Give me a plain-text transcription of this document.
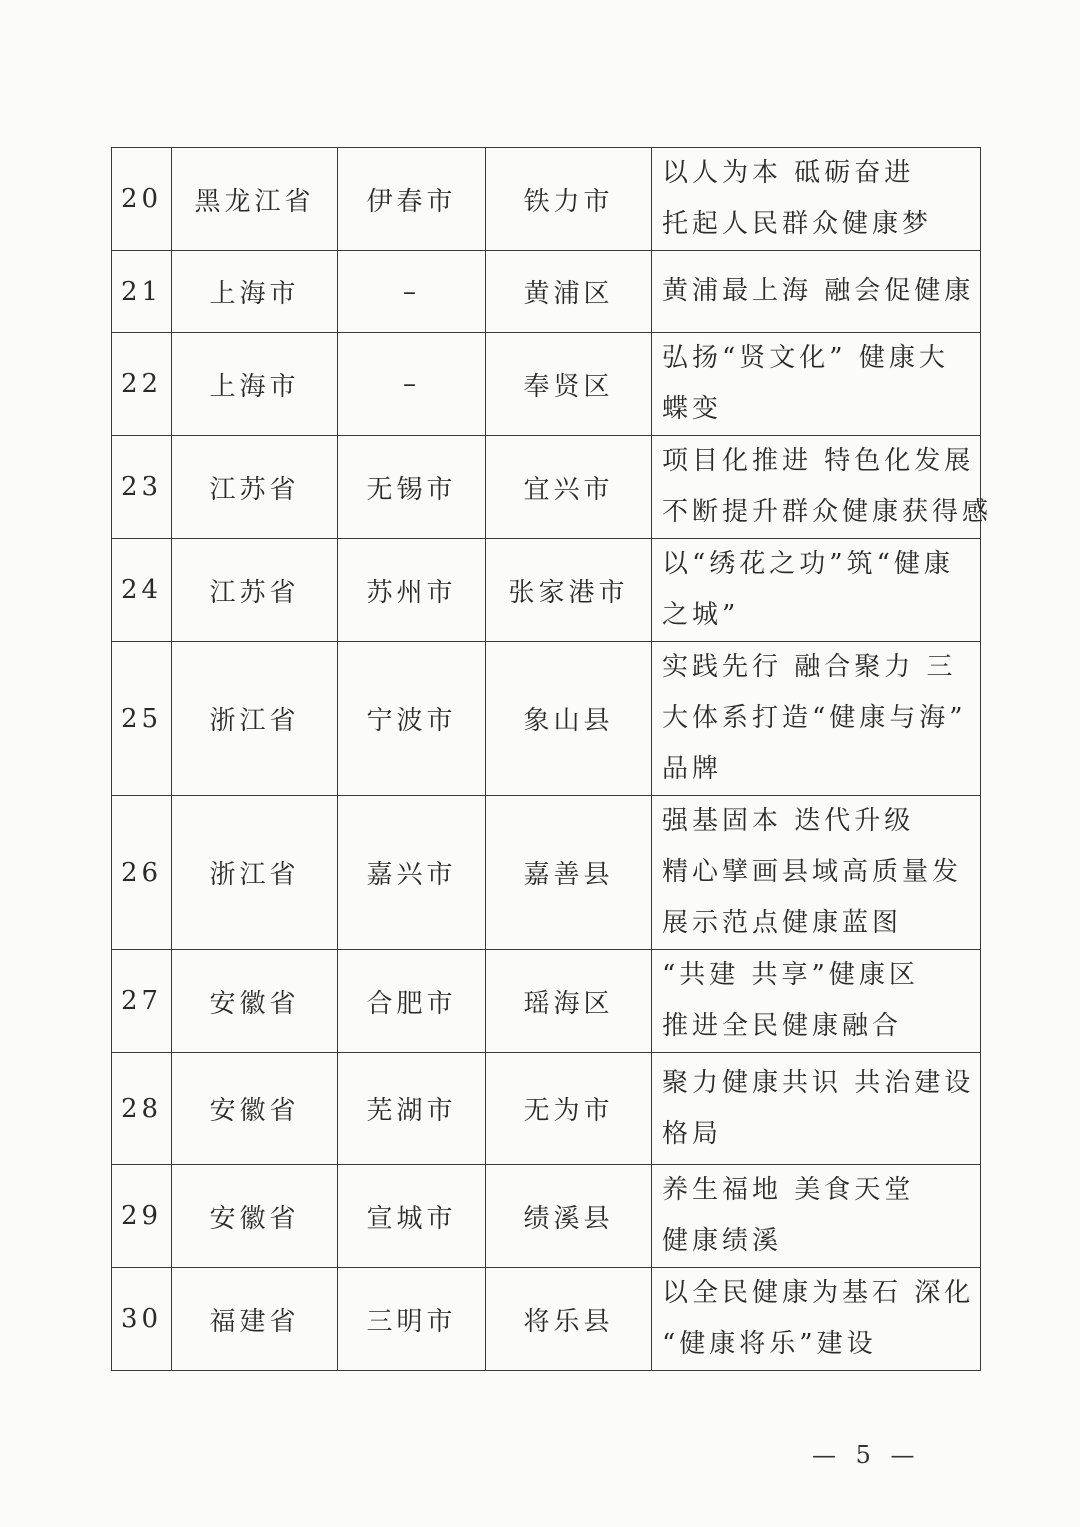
20	黑龙江省	伊春市	铁力市	以人为本 砥砺奋进
托起人民群众健康梦

21	上海市	–	黄浦区	黄浦最上海 融会促健康

22	上海市	–	奉贤区	弘扬“贤文化” 健康大
蝶变

23	江苏省	无锡市	宜兴市	项目化推进 特色化发展
不断提升群众健康获得感

24	江苏省	苏州市	张家港市	以“绣花之功”筑“健康
之城”

25	浙江省	宁波市	象山县	实践先行 融合聚力 三
大体系打造“健康与海”
品牌

26	浙江省	嘉兴市	嘉善县	强基固本 迭代升级
精心擘画县域高质量发
展示范点健康蓝图

27	安徽省	合肥市	瑶海区	“共建 共享”健康区
推进全民健康融合

28	安徽省	芜湖市	无为市	聚力健康共识 共治建设
格局

29	安徽省	宣城市	绩溪县	养生福地 美食天堂
健康绩溪

30	福建省	三明市	将乐县	以全民健康为基石 深化
“健康将乐”建设
— 5 —
